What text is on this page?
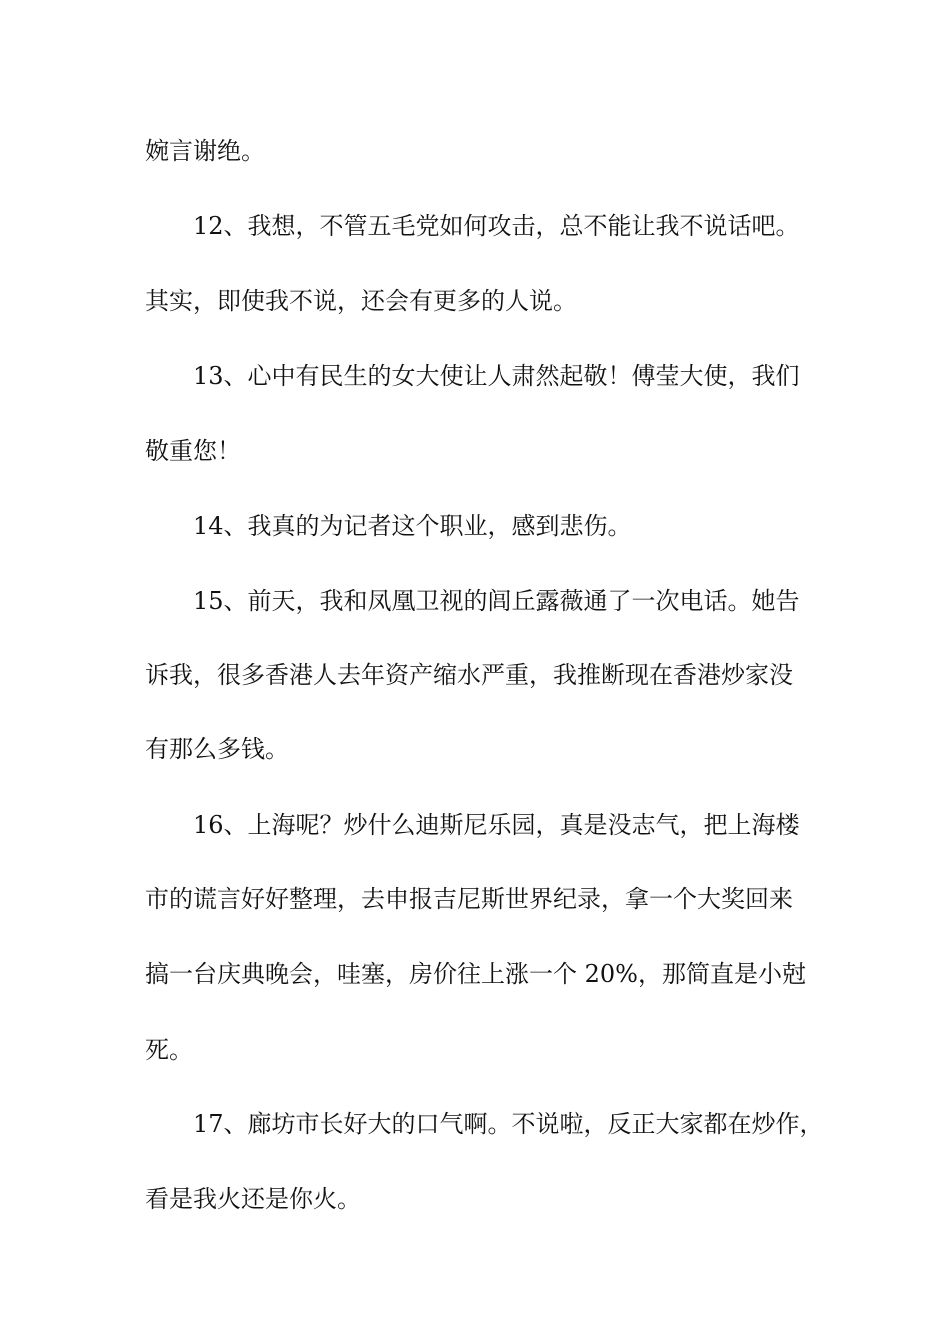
婉言谢绝。
12、我想，不管五毛党如何攻击，总不能让我不说话吧。
其实，即使我不说，还会有更多的人说。
13、心中有民生的女大使让人肃然起敬！傅莹大使，我们
敬重您！
14、我真的为记者这个职业，感到悲伤。
15、前天，我和凤凰卫视的闾丘露薇通了一次电话。她告
诉我，很多香港人去年资产缩水严重，我推断现在香港炒家没
有那么多钱。
16、上海呢？炒什么迪斯尼乐园，真是没志气，把上海楼
市的谎言好好整理，去申报吉尼斯世界纪录，拿一个大奖回来
搞一台庆典晚会，哇塞，房价往上涨一个 20%，那简直是小尅
死。
17、廊坊市长好大的口气啊。不说啦，反正大家都在炒作，
看是我火还是你火。
